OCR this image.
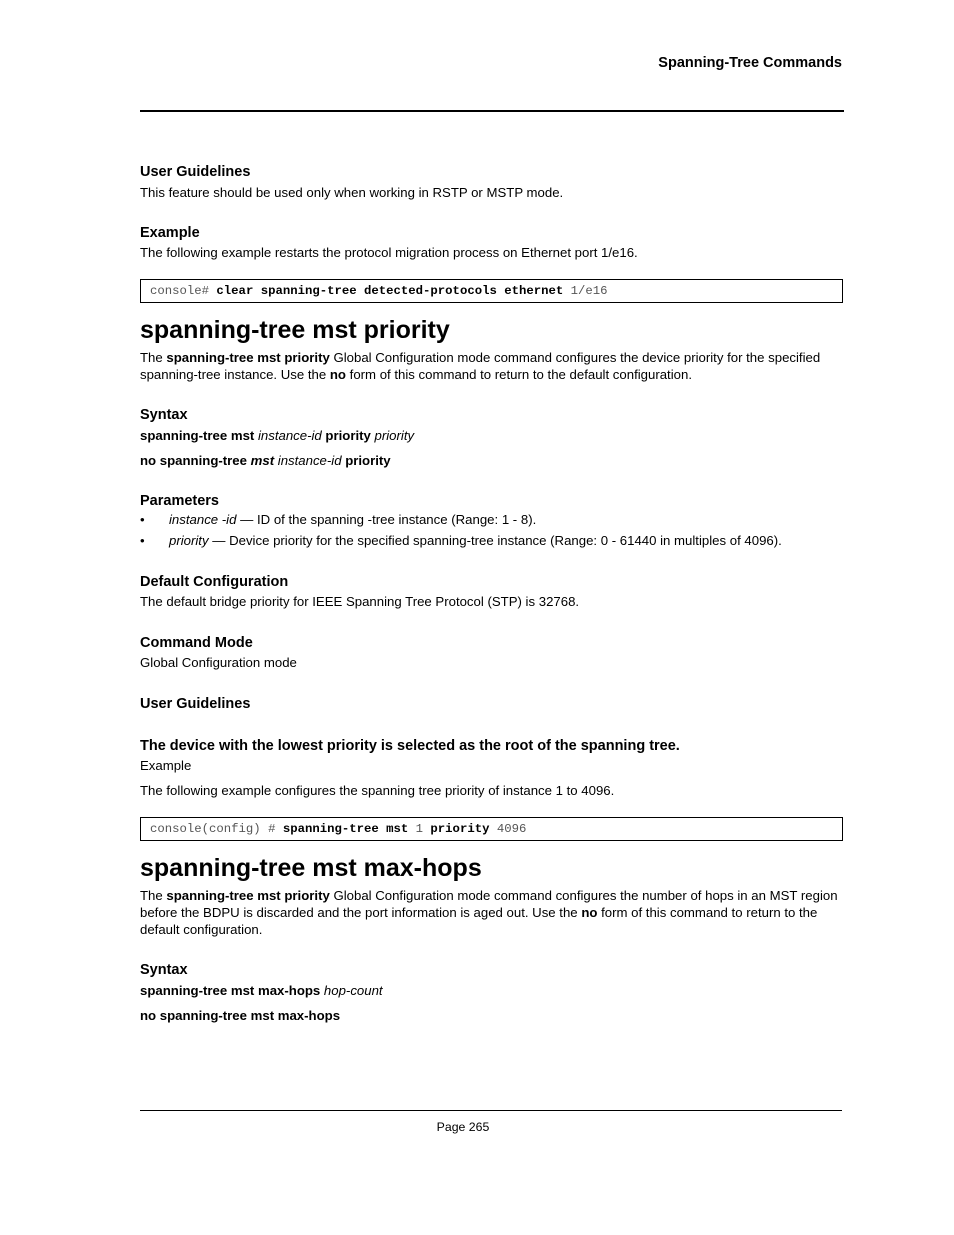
Spanning-Tree Commands
User Guidelines
This feature should be used only when working in RSTP or MSTP mode.
Example
The following example restarts the protocol migration process on Ethernet port 1/e16.
console# clear spanning-tree detected-protocols ethernet 1/e16
spanning-tree mst priority
The spanning-tree mst priority Global Configuration mode command configures the device priority for the specified spanning-tree instance. Use the no form of this command to return to the default configuration.
Syntax
spanning-tree mst instance-id priority priority
no spanning-tree mst instance-id priority
Parameters
• instance -id — ID of the spanning -tree instance (Range: 1 - 8).
• priority — Device priority for the specified spanning-tree instance (Range: 0 - 61440 in multiples of 4096).
Default Configuration
The default bridge priority for IEEE Spanning Tree Protocol (STP) is 32768.
Command Mode
Global Configuration mode
User Guidelines
The device with the lowest priority is selected as the root of the spanning tree.
Example
The following example configures the spanning tree priority of instance 1 to 4096.
console(config) # spanning-tree mst 1 priority 4096
spanning-tree mst max-hops
The spanning-tree mst priority Global Configuration mode command configures the number of hops in an MST region before the BDPU is discarded and the port information is aged out. Use the no form of this command to return to the default configuration.
Syntax
spanning-tree mst max-hops hop-count
no spanning-tree mst max-hops
Page 265
